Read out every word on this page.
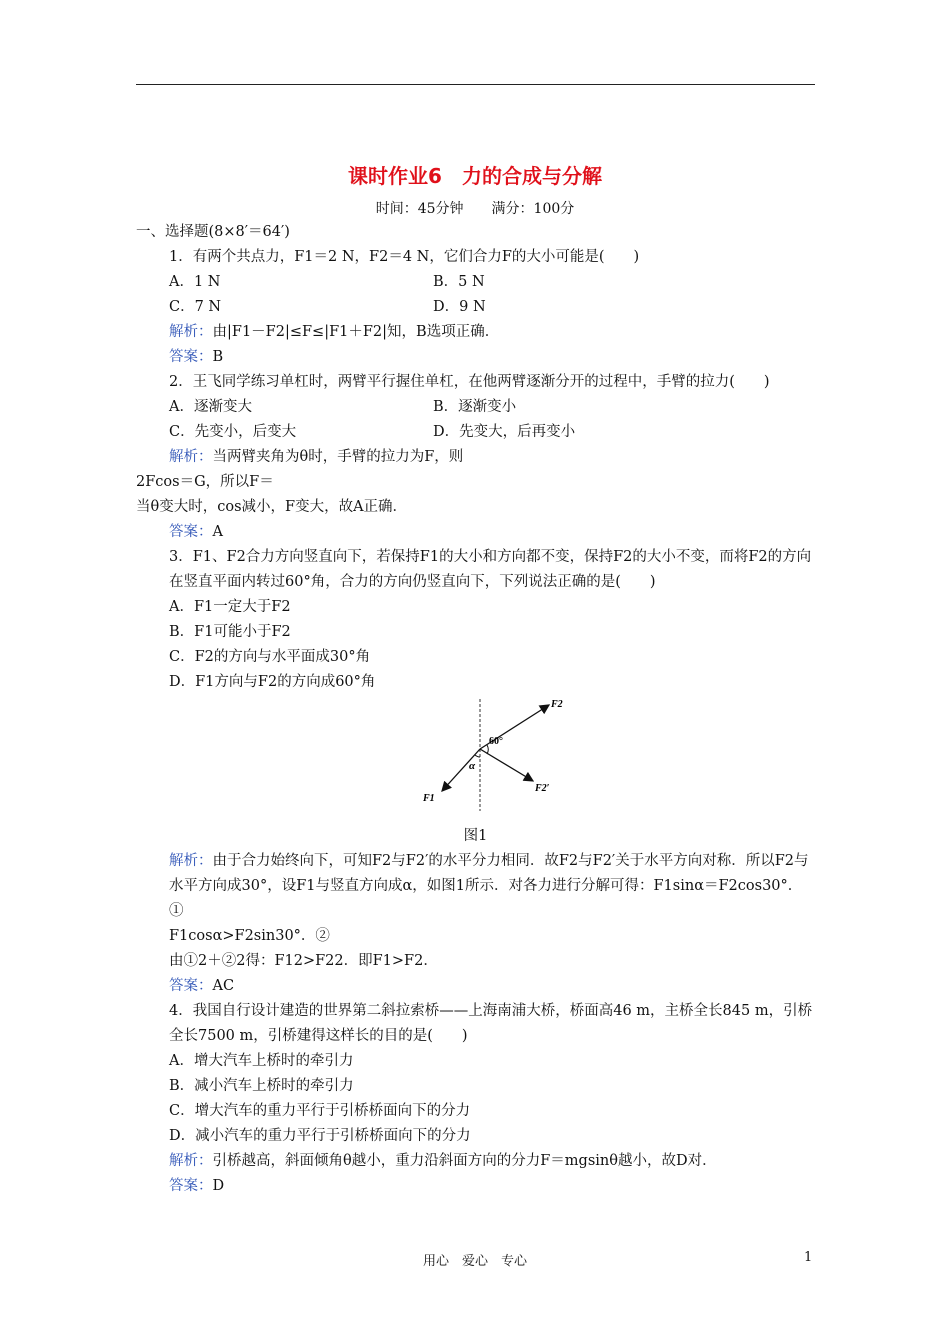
课时作业6　力的合成与分解
时间：45分钟　　满分：100分
一、选择题(8×8′＝64′)
1．有两个共点力，F1＝2 N，F2＝4 N，它们合力F的大小可能是(　　)
A．1 N	B．5 N
C．7 N	D．9 N
解析：由|F1－F2|≤F≤|F1＋F2|知，B选项正确．
答案：B
2．王飞同学练习单杠时，两臂平行握住单杠，在他两臂逐渐分开的过程中，手臂的拉力(　　)
A．逐渐变大	B．逐渐变小
C．先变小，后变大	D．先变大，后再变小
解析：当两臂夹角为θ时，手臂的拉力为F，则
2Fcos＝G，所以F＝
当θ变大时，cos减小，F变大，故A正确．
答案：A
3．F1、F2合力方向竖直向下，若保持F1的大小和方向都不变，保持F2的大小不变，而将F2的方向在竖直平面内转过60°角，合力的方向仍竖直向下，下列说法正确的是(　　)
A．F1一定大于F2
B．F1可能小于F2
C．F2的方向与水平面成30°角
D．F1方向与F2的方向成60°角
F2
60°
α
F1
F2′
图1
解析：由于合力始终向下，可知F2与F2′的水平分力相同．故F2与F2′关于水平方向对称．所以F2与水平方向成30°，设F1与竖直方向成α，如图1所示．对各力进行分解可得：F1sinα＝F2cos30°．①
F1cosα>F2sin30°．②
由①2＋②2得：F12>F22．即F1>F2．
答案：AC
4．我国自行设计建造的世界第二斜拉索桥——上海南浦大桥，桥面高46 m，主桥全长845 m，引桥全长7500 m，引桥建得这样长的目的是(　　)
A．增大汽车上桥时的牵引力
B．减小汽车上桥时的牵引力
C．增大汽车的重力平行于引桥桥面向下的分力
D．减小汽车的重力平行于引桥桥面向下的分力
解析：引桥越高，斜面倾角θ越小，重力沿斜面方向的分力F＝mgsinθ越小，故D对．
答案：D
用心　爱心　专心	1
